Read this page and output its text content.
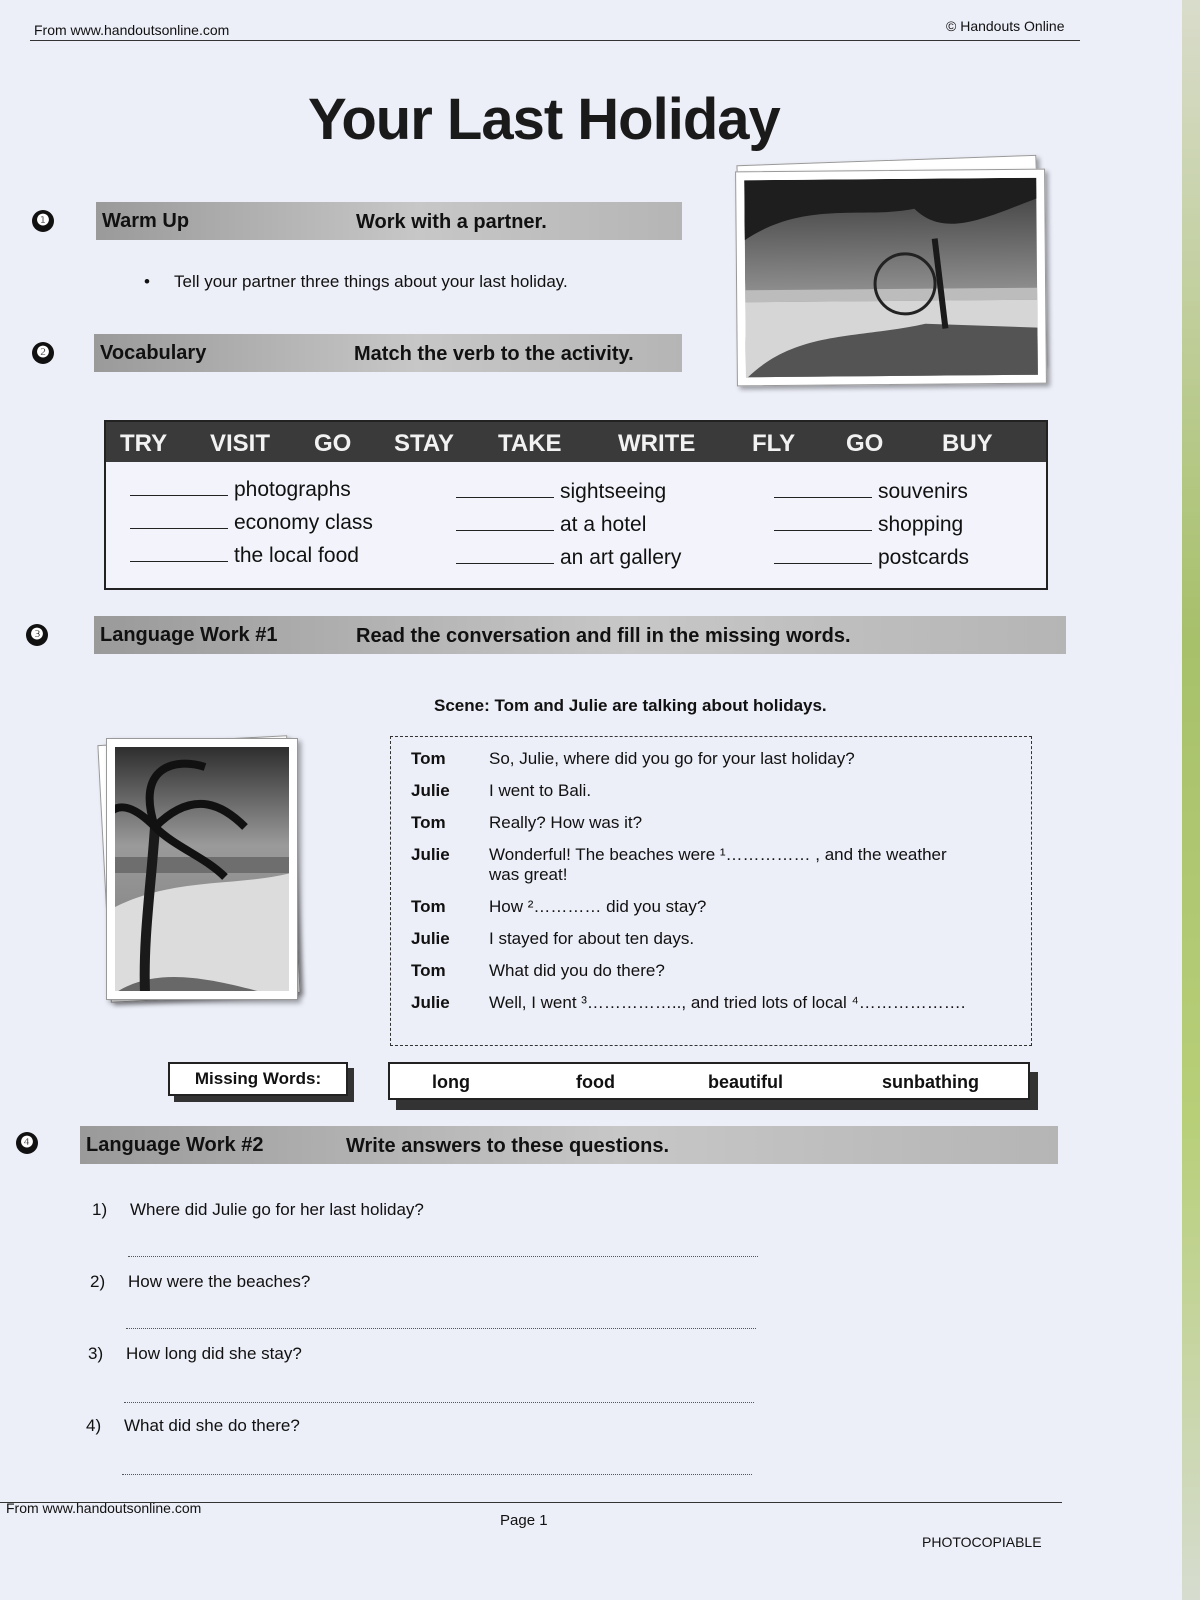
From www.handoutsonline.com	© Handouts Online
Your Last Holiday
❶	Warm Up	Work with a partner.
• Tell your partner three things about your last holiday.
❷	Vocabulary	Match the verb to the activity.
TRY VISIT GO STAY TAKE WRITE FLY GO BUY
photographs	sightseeing	souvenirs
economy class	at a hotel	shopping
the local food	an art gallery	postcards
❸	Language Work #1	Read the conversation and fill in the missing words.
Scene: Tom and Julie are talking about holidays.
Tom	So, Julie, where did you go for your last holiday?
Julie I went to Bali.
Tom	Really? How was it?
Julie Wonderful! The beaches were ¹…………… , and the weather
was great!
Tom	How ²………… did you stay?
Julie I stayed for about ten days.
Tom	What did you do there?
Julie Well, I went ³…………….., and tried lots of local ⁴……………….
Missing Words:	long	food	beautiful	sunbathing
❹	Language Work #2	Write answers to these questions.
1) Where did Julie go for her last holiday?
2) How were the beaches?
3) How long did she stay?
4) What did she do there?
From www.handoutsonline.com
Page 1
PHOTOCOPIABLE
